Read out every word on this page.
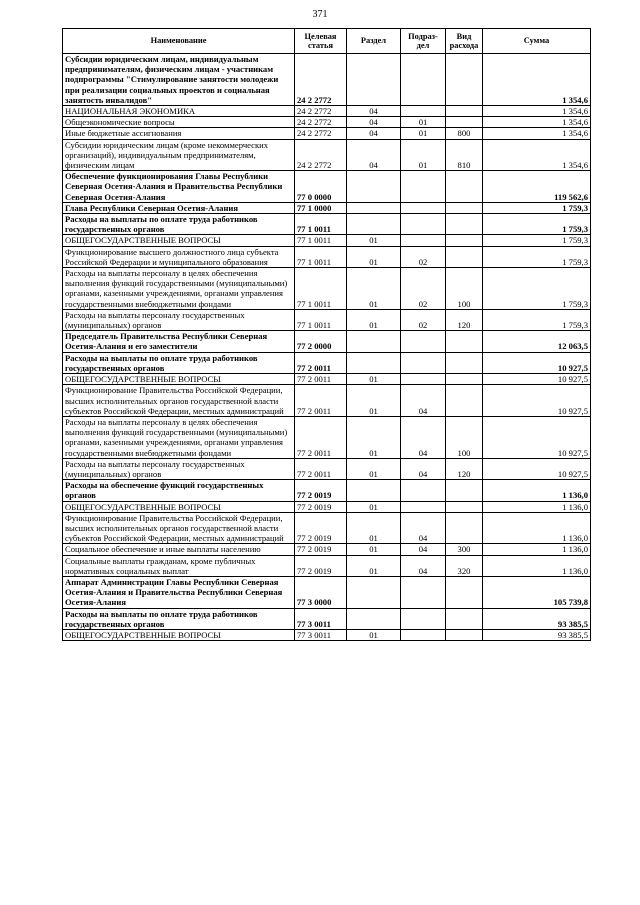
371
Наименование	Целевая статья	Раздел	Подраз-дел	Вид расхода	Сумма
Субсидии юридическим лицам, индивидуальным предпринимателям, физическим лицам - участникам подпрограммы "Стимулирование занятости молодежи при реализации социальных проектов и социальная занятость инвалидов"	24 2 2772				1 354,6
НАЦИОНАЛЬНАЯ ЭКОНОМИКА	24 2 2772	04			1 354,6
Общеэкономические вопросы	24 2 2772	04	01		1 354,6
Иные бюджетные ассигнования	24 2 2772	04	01	800	1 354,6
Субсидии юридическим лицам (кроме некоммерческих организаций), индивидуальным предпринимателям, физическим лицам	24 2 2772	04	01	810	1 354,6
Обеспечение функционирования Главы Республики Северная Осетия-Алания и Правительства Республики Северная Осетия-Алания	77 0 0000				119 562,6
Глава Республики Северная Осетия-Алания	77 1 0000				1 759,3
Расходы на выплаты по оплате труда работников государственных органов	77 1 0011				1 759,3
ОБЩЕГОСУДАРСТВЕННЫЕ ВОПРОСЫ	77 1 0011	01			1 759,3
Функционирование высшего должностного лица субъекта Российской Федерации и муниципального образования	77 1 0011	01	02		1 759,3
Расходы на выплаты персоналу в целях обеспечения выполнения функций государственными (муниципальными) органами, казенными учреждениями, органами управления государственными внебюджетными фондами	77 1 0011	01	02	100	1 759,3
Расходы на выплаты персоналу государственных (муниципальных) органов	77 1 0011	01	02	120	1 759,3
Председатель Правительства Республики Северная Осетия-Алания и его заместители	77 2 0000				12 063,5
Расходы на выплаты по оплате труда работников государственных органов	77 2 0011				10 927,5
ОБЩЕГОСУДАРСТВЕННЫЕ ВОПРОСЫ	77 2 0011	01			10 927,5
Функционирование Правительства Российской Федерации, высших исполнительных органов государственной власти субъектов Российской Федерации, местных администраций	77 2 0011	01	04		10 927,5
Расходы на выплаты персоналу в целях обеспечения выполнения функций государственными (муниципальными) органами, казенными учреждениями, органами управления государственными внебюджетными фондами	77 2 0011	01	04	100	10 927,5
Расходы на выплаты персоналу государственных (муниципальных) органов	77 2 0011	01	04	120	10 927,5
Расходы на обеспечение функций государственных органов	77 2 0019				1 136,0
ОБЩЕГОСУДАРСТВЕННЫЕ ВОПРОСЫ	77 2 0019	01			1 136,0
Функционирование Правительства Российской Федерации, высших исполнительных органов государственной власти субъектов Российской Федерации, местных администраций	77 2 0019	01	04		1 136,0
Социальное обеспечение и иные выплаты населению	77 2 0019	01	04	300	1 136,0
Социальные выплаты гражданам, кроме публичных нормативных социальных выплат	77 2 0019	01	04	320	1 136,0
Аппарат Администрации Главы Республики Северная Осетия-Алания и Правительства Республики Северная Осетия-Алания	77 3 0000				105 739,8
Расходы на выплаты по оплате труда работников государственных органов	77 3 0011				93 385,5
ОБЩЕГОСУДАРСТВЕННЫЕ ВОПРОСЫ	77 3 0011	01			93 385,5
